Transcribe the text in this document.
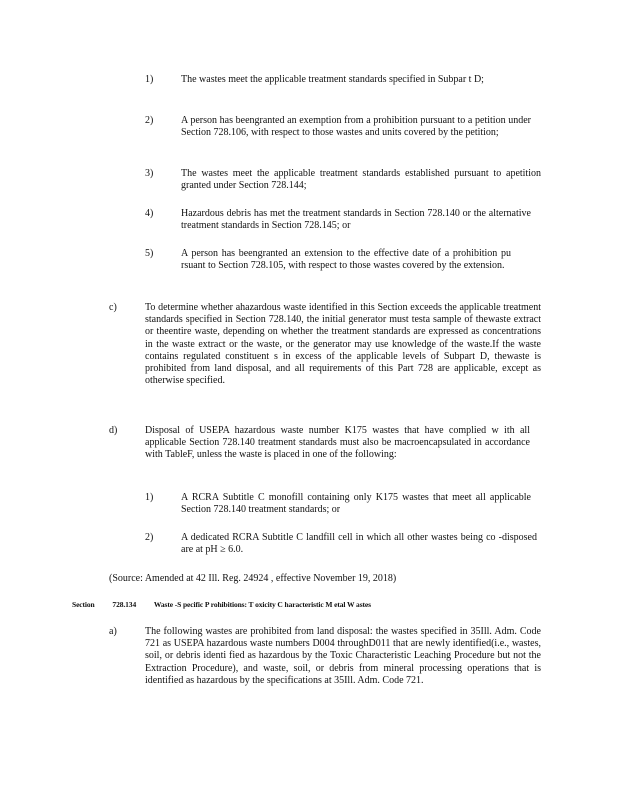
1)	The wastes meet the applicable treatment standards specified in Subpar t D;
2)	A person has beengranted an exemption from a prohibition pursuant to a petition under Section 728.106, with respect to those wastes and units covered by the petition;
3)	The wastes meet the applicable treatment standards established pursuant to apetition granted under Section 728.144;
4)	Hazardous debris has met the treatment standards in Section 728.140 or the alternative treatment standards in Section 728.145; or
5)	A person has beengranted an extension to the effective date of a prohibition pu rsuant to Section 728.105, with respect to those wastes covered by the extension.
c)	To determine whether ahazardous waste identified in this Section exceeds the applicable treatment standards specified in Section 728.140, the initial generator must testa sample of thewaste extract or theentire waste, depending on whether the treatment standards are expressed as concentrations in the waste extract or the waste, or the generator may use knowledge of the waste.If the waste contains regulated constituent s in excess of the applicable levels of Subpart D, thewaste is prohibited from land disposal, and all requirements of this Part 728 are applicable, except as otherwise specified.
d)	Disposal of USEPA hazardous waste number K175 wastes that have complied w ith all applicable Section 728.140 treatment standards must also be macroencapsulated in accordance with TableF, unless the waste is placed in one of the following:
1)	A RCRA Subtitle C monofill containing only K175 wastes that meet all applicable Section 728.140 treatment standards; or
2)	A dedicated RCRA Subtitle C landfill cell in which all other wastes being co -disposed are at pH ≥ 6.0.
(Source: Amended at 42 Ill. Reg. 24924 , effective November 19, 2018)
Section 728.134 Waste -S pecific P rohibitions: T oxicity C haracteristic M etal W astes
a)	The following wastes are prohibited from land disposal: the wastes specified in 35Ill. Adm. Code 721 as USEPA hazardous waste numbers D004 throughD011 that are newly identified(i.e., wastes, soil, or debris identi fied as hazardous by the Toxic Characteristic Leaching Procedure but not the Extraction Procedure), and waste, soil, or debris from mineral processing operations that is identified as hazardous by the specifications at 35Ill. Adm. Code 721.
